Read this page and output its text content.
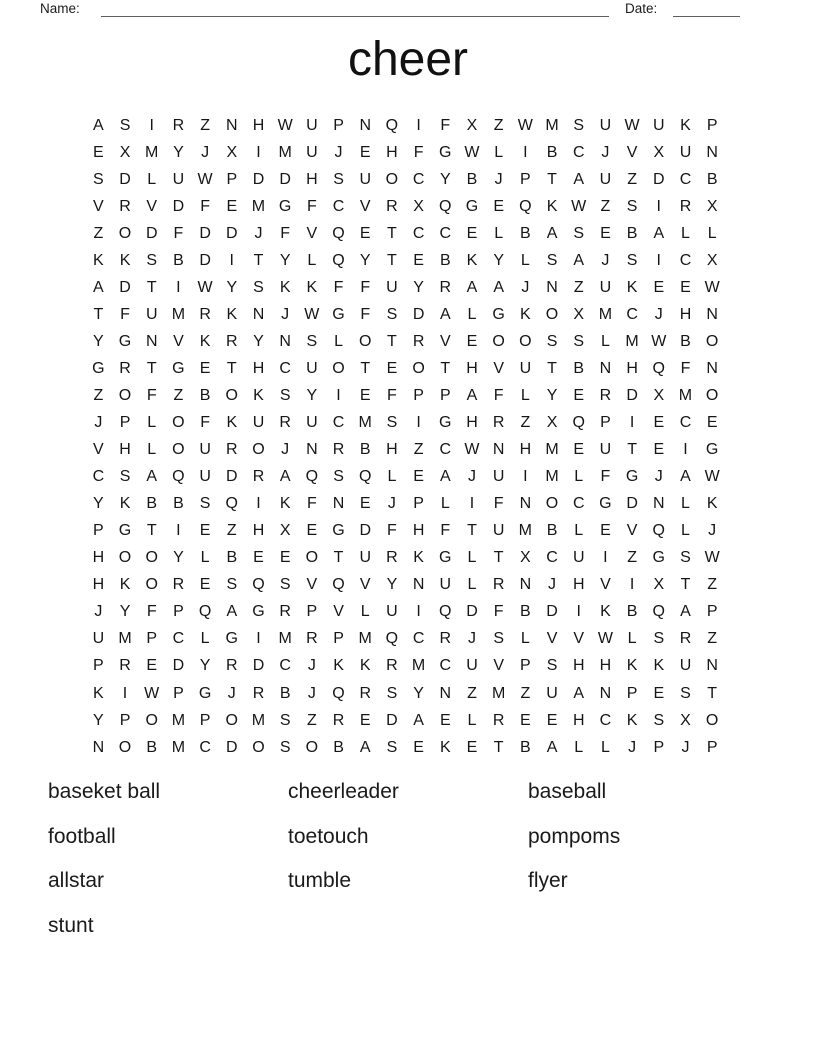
Name:	Date:
cheer
A	S	I	R	Z	N H W U P N Q	I	F	X	Z W M S U W U K	P
E	X M Y	J	X	I	M U	J	E H	F G W L	I	B C	J	V	X U N
S D	L	U W P D D H S U O C Y	B	J	P	T	A U	Z	D C B
V R V D	F	E M G F	C V R X Q G E Q K W Z	S	I	R X
Z O D	F	D D	J	F	V Q E	T	C C E	L	B	A	S	E	B	A	L	L
K	K	S	B D	I	T	Y	L	Q Y	T	E	B	K	Y	L	S	A	J	S	I	C X
A D	T	I	W Y	S	K	K	F	F	U Y R A	A	J	N	Z	U K	E	E W
T	F	U M R K N	J W G F	S D A	L	G K O X M C	J	H N
Y G N V	K R Y N S	L	O T	R V	E O O S	S	L M W B O
G R	T G E	T	H C U O T	E O T	H V U	T	B N H Q F	N
Z O F	Z	B O K	S	Y	I	E	F	P	P	A	F	L	Y	E R D X M O
J	P	L	O F	K U R U C M S	I	G H R	Z	X Q P	I	E C E
V H	L	O U R O	J	N R B H	Z	C W N H M E U	T	E	I	G
C S	A Q U D R A Q S Q	L	E	A	J	U	I	M L	F G	J	A W
Y	K	B	B	S Q	I	K	F	N E	J	P	L	I	F	N O C G D N	L	K
P G T	I	E	Z	H X	E G D	F	H	F	T	U M B	L	E	V Q	L	J
H O O Y	L	B	E	E O T	U R K G	L	T	X C U	I	Z G S W
H K O R E	S Q S	V Q V	Y N U	L	R N	J	H V	I	X	T	Z
J	Y	F	P Q A G R P	V	L	U	I	Q D	F	B D	I	K	B Q A	P
U M P C	L	G	I	M R P M Q C R	J	S	L	V	V W L	S R	Z
P R E D Y R D C	J	K	K R M C U V	P	S H H K	K U N
K	I	W P G	J	R B	J	Q R S	Y N	Z M Z	U A N P	E	S	T
Y	P O M P O M S	Z	R E D A	E	L	R E	E H C K	S	X O
N O B M C D O S O B	A	S	E	K	E	T	B	A	L	L	J	P	J	P
baseket ball	cheerleader	baseball
football	toetouch	pompoms
allstar	tumble	flyer
stunt
